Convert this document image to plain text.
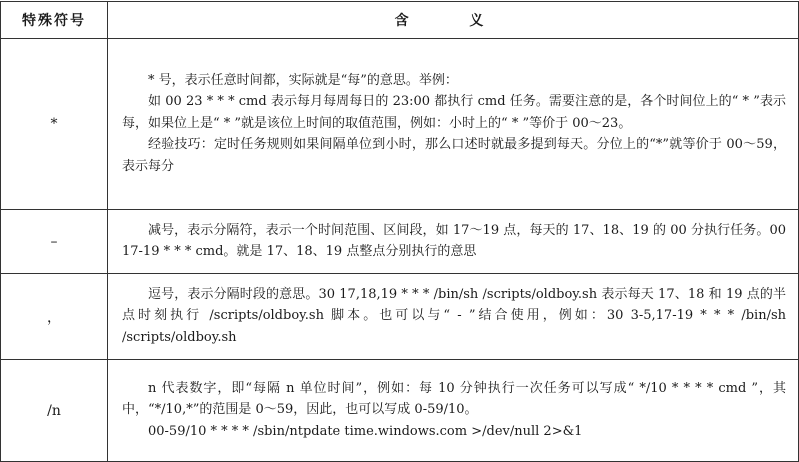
特殊符号	含 义
*	* 号，表示任意时间都，实际就是“每”的意思。举例：

如 00 23 * * * cmd 表示每月每周每日的 23:00 都执行 cmd 任务。需要注意的是，各个时间位上的“ * ”表示每，如果位上是“ * ”就是该位上时间的取值范围，例如：小时上的“ * ”等价于 00～23。

经验技巧：定时任务规则如果间隔单位到小时，那么口述时就最多提到每天。分位上的“*”就等价于 00～59，表示每分

–	减号，表示分隔符，表示一个时间范围、区间段，如 17～19 点，每天的 17、18、19 的 00 分执行任务。00 17-19 * * * cmd。就是 17、18、19 点整点分别执行的意思

，	逗号，表示分隔时段的意思。30 17,18,19 * * * /bin/sh /scripts/oldboy.sh 表示每天 17、18 和 19 点的半点时刻执行 /scripts/oldboy.sh 脚本。也可以与“ - ”结合使用，例如：30 3-5,17-19 * * * /bin/sh /scripts/oldboy.sh

/n	n 代表数字，即“每隔 n 单位时间”，例如：每 10 分钟执行一次任务可以写成“ */10 * * * * cmd ”，其中，“*/10,*”的范围是 0～59，因此，也可以写成 0-59/10。

00-59/10 * * * * /sbin/ntpdate time.windows.com >/dev/null 2>&1
